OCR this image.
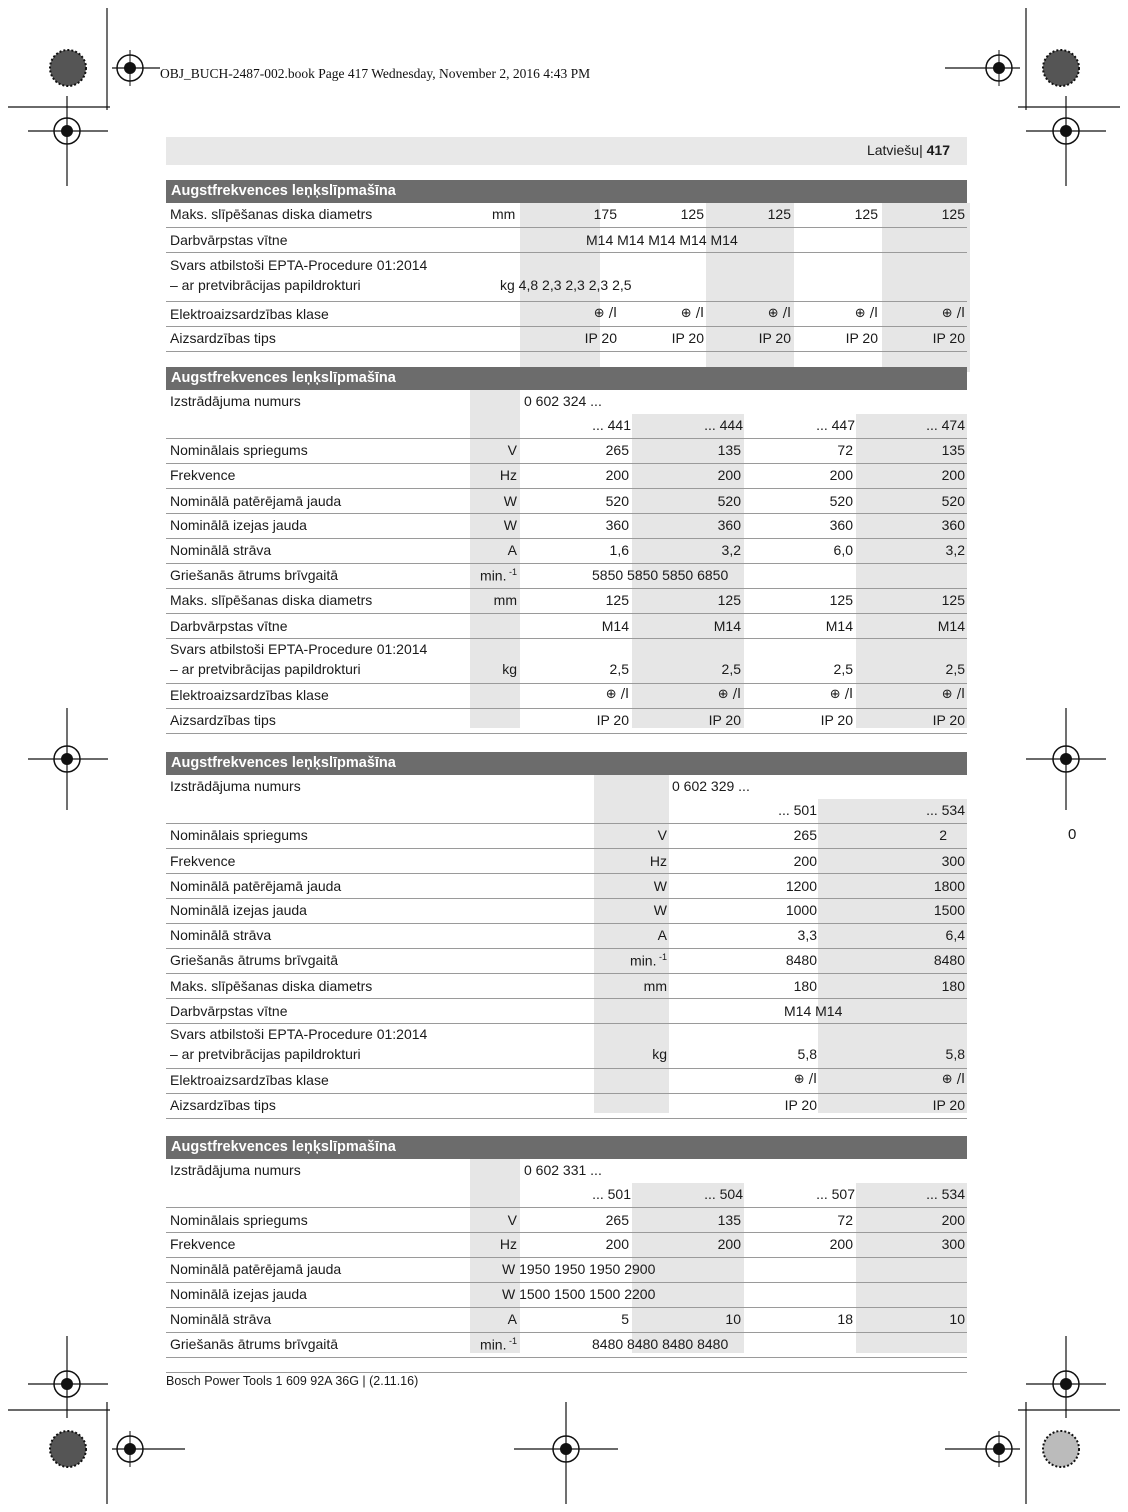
OBJ_BUCH-2487-002.book Page 417 Wednesday, November 2, 2016 4:43 PM
Latviešu| 417
Augstfrekvences leņķslīpmašīna
Maks. slīpēšanas diska diametrs	mm	175	125	125	125	125
Darbvārpstas vītne	M14 M14 M14 M14 M14
Svars atbilstoši EPTA-Procedure 01:2014
– ar pretvibrācijas papildrokturi	kg 4,8 2,3 2,3 2,3 2,5
Elektroaizsardzības klase	⊕ /I	⊕ /I	⊕ /I	⊕ /I	⊕ /I
Aizsardzības tips	IP 20	IP 20	IP 20	IP 20	IP 20
Augstfrekvences leņķslīpmašīna
Izstrādājuma numurs	0 602 324 ...
... 441	... 444	... 447	... 474
Nominālais spriegums	V	265	135	72	135
Frekvence	Hz	200	200	200	200
Nominālā patērējamā jauda	W	520	520	520	520
Nominālā izejas jauda	W	360	360	360	360
Nominālā strāva	A	1,6	3,2	6,0	3,2
Griešanās ātrums brīvgaitā	min. $^{-1}$	5850 5850 5850 6850
Maks. slīpēšanas diska diametrs	mm	125	125	125	125
Darbvārpstas vītne	M14	M14	M14	M14
Svars atbilstoši EPTA-Procedure 01:2014
– ar pretvibrācijas papildrokturi	kg	2,5	2,5	2,5	2,5
Elektroaizsardzības klase	⊕ /I	⊕ /I	⊕ /I	⊕ /I
Aizsardzības tips	IP 20	IP 20	IP 20	IP 20
Augstfrekvences leņķslīpmašīna
Izstrādājuma numurs	0 602 329 ...
... 501	... 534
Nominālais spriegums	V	265	2
Frekvence	Hz	200	300
Nominālā patērējamā jauda	W	1200	1800
Nominālā izejas jauda	W	1000	1500
Nominālā strāva	A	3,3	6,4
Griešanās ātrums brīvgaitā	min. $^{-1}$	8480	8480
Maks. slīpēšanas diska diametrs	mm	180	180
Darbvārpstas vītne	M14 M14
Svars atbilstoši EPTA-Procedure 01:2014
– ar pretvibrācijas papildrokturi	kg	5,8	5,8
Elektroaizsardzības klase	⊕ /I	⊕ /I
Aizsardzības tips	IP 20	IP 20
Augstfrekvences leņķslīpmašīna
Izstrādājuma numurs	0 602 331 ...
... 501	... 504	... 507	... 534
Nominālais spriegums	V	265	135	72	200
Frekvence	Hz	200	200	200	300
Nominālā patērējamā jauda	W 1950 1950 1950 2900
Nominālā izejas jauda	W 1500 1500 1500 2200
Nominālā strāva	A	5	10	18	10
Griešanās ātrums brīvgaitā	min. $^{-1}$	8480 8480 8480 8480
Bosch Power Tools 1 609 92A 36G | (2.11.16)
0
